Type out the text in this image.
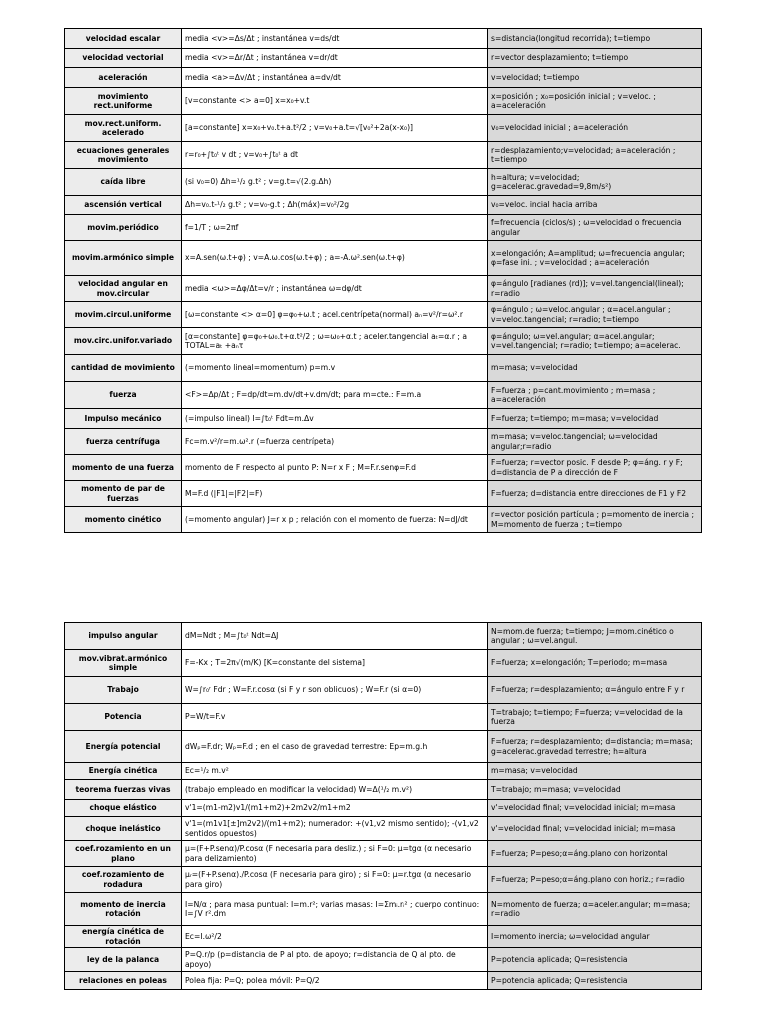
velocidad escalar	media <v>=Δs/Δt ; instantánea v=ds/dt	s=distancia(longitud recorrida); t=tiempo
velocidad vectorial	media <v>=Δr/Δt ; instantánea v=dr/dt	r=vector desplazamiento; t=tiempo
aceleración	media <a>=Δv/Δt ; instantánea a=dv/dt	v=velocidad; t=tiempo
movimiento rect.uniforme	[v=constante <> a=0] x=x₀+v.t	x=posición ; x₀=posición inicial ; v=veloc. ; a=aceleración
mov.rect.uniform. acelerado	[a=constante] x=x₀+v₀.t+a.t²/2 ; v=v₀+a.t=√[v₀²+2a(x-x₀)]	v₀=velocidad inicial ; a=aceleración
ecuaciones generales movimiento	r=r₀+∫t₀ᵗ v dt ; v=v₀+∫t₀ᵗ a dt	r=desplazamiento;v=velocidad; a=aceleración ; t=tiempo
caída libre	(si v₀=0) Δh=¹/₂ g.t² ; v=g.t=√(2.g.Δh)	h=altura; v=velocidad; g=acelerac.gravedad=9,8m/s²)
ascensión vertical	Δh=v₀.t-¹/₂ g.t² ; v=v₀-g.t ; Δh(máx)=v₀²/2g	v₀=veloc. incial hacia arriba
movim.periódico	f=1/T ; ω=2πf	f=frecuencia (ciclos/s) ; ω=velocidad o frecuencia angular
movim.armónico simple	x=A.sen(ω.t+φ) ; v=A.ω.cos(ω.t+φ) ; a=-A.ω².sen(ω.t+φ)	x=elongación; A=amplitud; ω=frecuencia angular; φ=fase ini. ; v=velocidad ; a=aceleración
velocidad angular en mov.circular	media <ω>=Δφ/Δt=v/r ; instantánea ω=dφ/dt	φ=ángulo [radianes (rd)]; v=vel.tangencial(lineal); r=radio
movim.circul.uniforme	[ω=constante <> α=0] φ=φ₀+ω.t ; acel.centrípeta(normal) aₙ=v²/r=ω².r	φ=ángulo ; ω=veloc.angular ; α=acel.angular ; v=veloc.tangencial; r=radio; t=tiempo
mov.circ.unifor.variado	[α=constante] φ=φ₀+ω₀.t+α.t²/2 ; ω=ω₀+α.t ; aceler.tangencial aₜ=α.r ; a TOTAL=aₜ +aₙτ	φ=ángulo; ω=vel.angular; α=acel.angular; v=vel.tangencial; r=radio; t=tiempo; a=acelerac.
cantidad de movimiento	(=momento lineal=momentum) p=m.v	m=masa; v=velocidad
fuerza	<F>=Δp/Δt ; F=dp/dt=m.dv/dt+v.dm/dt; para m=cte.: F=m.a	F=fuerza ; p=cant.movimiento ; m=masa ; a=aceleración
Impulso mecánico	(=impulso lineal) I=∫t₀ᵗ Fdt=m.Δv	F=fuerza; t=tiempo; m=masa; v=velocidad
fuerza centrífuga	Fc=m.v²/r=m.ω².r (=fuerza centrípeta)	m=masa; v=veloc.tangencial; ω=velocidad angular;r=radio
momento de una fuerza	momento de F respecto al punto P: N=r x F ; M=F.r.senφ=F.d	F=fuerza; r=vector posic. F desde P; φ=áng. r y F; d=distancia de P a dirección de F
momento de par de fuerzas	M=F.d (|F1|=|F2|=F)	F=fuerza; d=distancia entre direcciones de F1 y F2
momento cinético	(=momento angular) J=r x p ; relación con el momento de fuerza: N=dJ/dt	r=vector posición partícula ; p=momento de inercia ; M=momento de fuerza ; t=tiempo
impulso angular	dM=Ndt ; M=∫t₀ᵗ Ndt=ΔJ	N=mom.de fuerza; t=tiempo; J=mom.cinético o angular ; ω=vel.angul.
mov.vibrat.armónico simple	F=-Kx ; T=2π√(m/K) [K=constante del sistema]	F=fuerza; x=elongación; T=periodo; m=masa
Trabajo	W=∫r₀ʳ Fdr ; W=F.r.cosα (si F y r son oblicuos) ; W=F.r (si α=0)	F=fuerza; r=desplazamiento; α=ángulo entre F y r
Potencia	P=W/t=F.v	T=trabajo; t=tiempo; F=fuerza; v=velocidad de la fuerza
Energía potencial	dWₚ=F.dr; Wₚ=F.d ; en el caso de gravedad terrestre: Ep=m.g.h	F=fuerza; r=desplazamiento; d=distancia; m=masa; g=acelerac.gravedad terrestre; h=altura
Energía cinética	Ec=¹/₂ m.v²	m=masa; v=velocidad
teorema fuerzas vivas	(trabajo empleado en modificar la velocidad) W=Δ(¹/₂ m.v²)	T=trabajo; m=masa; v=velocidad
choque elástico	v'1=(m1-m2)v1/(m1+m2)+2m2v2/m1+m2	v'=velocidad final; v=velocidad inicial; m=masa
choque inelástico	v'1=(m1v1[±]m2v2)/(m1+m2); numerador: +(v1,v2 mismo sentido); -(v1,v2 sentidos opuestos)	v'=velocidad final; v=velocidad inicial; m=masa
coef.rozamiento en un plano	μ=(F+P.senα)/P.cosα (F necesaria para desliz.) ; si F=0: μ=tgα (α necesario para delizamiento)	F=fuerza; P=peso;α=áng.plano con horizontal
coef.rozamiento de rodadura	μᵣ=(F+P.senα)./P.cosα (F necesaria para giro) ; si F=0: μ=r.tgα (α necesario para giro)	F=fuerza; P=peso;α=áng.plano con horiz.; r=radio
momento de inercia rotación	I=N/α ; para masa puntual: I=m.r²; varias masas: I=Σmᵢ.rᵢ² ; cuerpo continuo: I=∫V r².dm	N=momento de fuerza; α=aceler.angular; m=masa; r=radio
energía cinética de rotación	Ec=I.ω²/2	I=momento inercia; ω=velocidad angular
ley de la palanca	P=Q.r/p (p=distancia de P al pto. de apoyo; r=distancia de Q al pto. de apoyo)	P=potencia aplicada; Q=resistencia
relaciones en poleas	Polea fija: P=Q; polea móvil: P=Q/2	P=potencia aplicada; Q=resistencia
